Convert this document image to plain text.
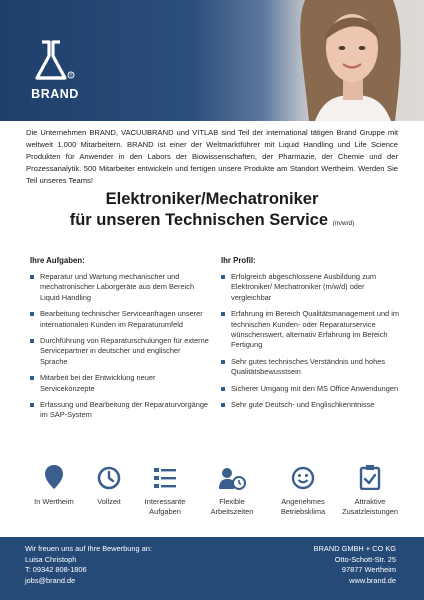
®
BRAND
Die Unternehmen BRAND, VACUUBRAND und VITLAB sind Teil der international tätigen Brand Gruppe mit weltweit 1.000 Mitarbeitern. BRAND ist einer der Weltmarktführer mit Liquid Handling und Life Science Produkten für Anwender in den Labors der Biowissenschaften, der Pharmazie, der Chemie und der Prozessanalytik. 500 Mitarbeiter entwickeln und fertigen unsere Produkte am Standort Wertheim. Werden Sie Teil unseres Teams!
Elektroniker/Mechatroniker
für unseren Technischen Service (m/w/d)
Ihre Aufgaben:
Reparatur und Wartung mechanischer und mechatronischer Laborgeräte aus dem Bereich Liquid Handling
Bearbeitung technischer Serviceanfragen unserer internationalen Kunden im Reparaturumfeld
Durchführung von Reparaturschulungen für externe Servicepartner in deutscher und englischer Sprache
Mitarbeit bei der Entwicklung neuer Servicekonzepte
Erfassung und Bearbeitung der Reparaturvorgänge im SAP-System
Ihr Profil:
Erfolgreich abgeschlossene Ausbildung zum Elektroniker/ Mechatroniker (m/w/d) oder vergleichbar
Erfahrung im Bereich Qualitätsmanagement und im technischen Kunden- oder Reparaturservice wünschenswert, alternativ Erfahrung im Bereich Fertigung
Sehr gutes technisches Verständnis und hohes Qualitätsbewusstsein
Sicherer Umgang mit den MS Office Anwendungen
Sehr gute Deutsch- und Englischkenntnisse
In Wertheim	Vollzeit	Interessante
Aufgaben
Flexible
Arbeitszeiten
Angenehmes
Betriebsklima
Attraktive
Zusatzleistungen
Wir freuen uns auf Ihre Bewerbung an:
Luisa Christoph
T: 09342 808-1806
jobs@brand.de
BRAND GMBH + CO KG
Otto-Schott-Str. 25
97877 Wertheim
www.brand.de
